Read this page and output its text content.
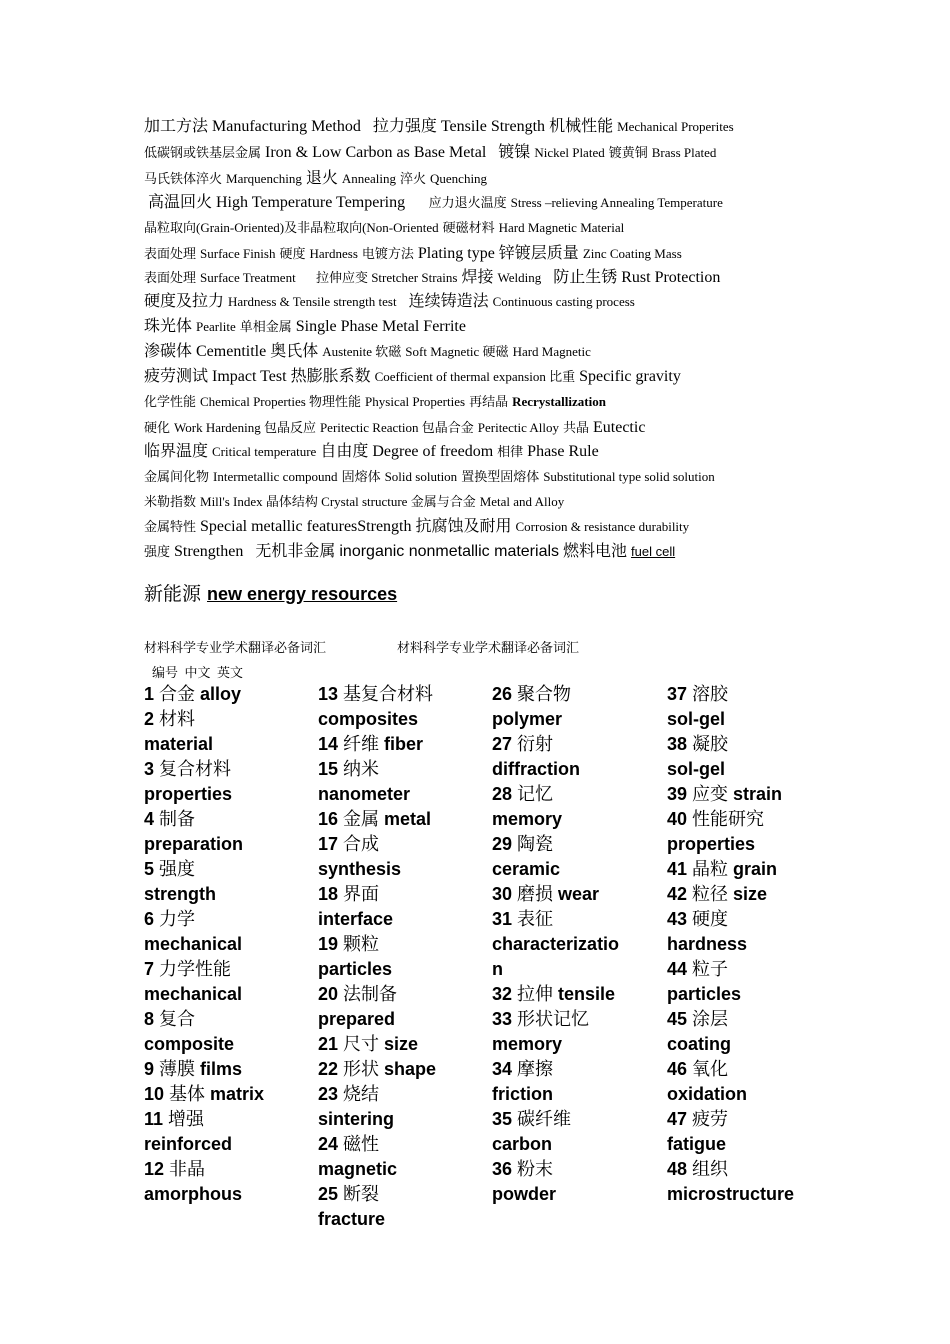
加工方法 Manufacturing Method  拉力强度 Tensile Strength 机械性能 Mechanical Properites
低碳钢或铁基层金属 Iron & Low Carbon as Base Metal  镀镍 Nickel Plated 镀黄铜 Brass Plated
马氏铁体淬火 Marquenching 退火 Annealing 淬火 Quenching
高温回火 High Temperature Tempering      应力退火温度 Stress –relieving Annealing Temperature
晶粒取向(Grain-Oriented)及非晶粒取向(Non-Oriented 硬磁材料 Hard Magnetic Material
表面处理 Surface Finish 硬度 Hardness 电镀方法 Plating type 锌镀层质量 Zinc Coating Mass
表面处理 Surface Treatment     拉伸应变 Stretcher Strains 焊接 Welding  防止生锈 Rust Protection
硬度及拉力 Hardness & Tensile strength test  连续铸造法 Continuous casting process
珠光体 Pearlite 单相金属 Single Phase Metal Ferrite
渗碳体 Cementitle 奥氏体 Austenite 软磁 Soft Magnetic 硬磁 Hard Magnetic
疲劳测试 Impact Test 热膨胀系数 Coefficient of thermal expansion 比重 Specific gravity
化学性能 Chemical Properties 物理性能 Physical Properties 再结晶 Recrystallization
硬化 Work Hardening 包晶反应 Peritectic Reaction 包晶合金 Peritectic Alloy 共晶 Eutectic
临界温度 Critical temperature 自由度 Degree of freedom 相律 Phase Rule
金属间化物 Intermetallic compound 固熔体 Solid solution 置换型固熔体 Substitutional type solid solution
米勒指数 Mill's Index 晶体结构 Crystal structure 金属与合金 Metal and Alloy
金属特性 Special metallic featuresStrength 抗腐蚀及耐用 Corrosion & resistance durability
强度 Strengthen  无机非金属 inorganic nonmetallic materials 燃料电池 fuel cell
新能源 new energy resources
材料科学专业学术翻译必备词汇	材料科学专业学术翻译必备词汇
编号  中文  英文
1 合金 alloy
2 材料
material
3 复合材料
properties
4 制备
preparation
5 强度
strength
6 力学
mechanical
7 力学性能
mechanical
8 复合
composite
9 薄膜 films
10 基体 matrix
11 增强
reinforced
12 非晶
amorphous
13 基复合材料
composites
14 纤维 fiber
15 纳米
nanometer
16 金属 metal
17 合成
synthesis
18 界面
interface
19 颗粒
particles
20 法制备
prepared
21 尺寸 size
22 形状 shape
23 烧结
sintering
24 磁性
magnetic
25 断裂
fracture
26 聚合物
polymer
27 衍射
diffraction
28 记忆
memory
29 陶瓷
ceramic
30 磨损 wear
31 表征
characterizatio
n
32 拉伸 tensile
33 形状记忆
memory
34 摩擦
friction
35 碳纤维
carbon
36 粉末
powder
37 溶胶
sol-gel
38 凝胶
sol-gel
39 应变 strain
40 性能研究
properties
41 晶粒 grain
42 粒径 size
43 硬度
hardness
44 粒子
particles
45 涂层
coating
46 氧化
oxidation
47 疲劳
fatigue
48 组织
microstructure
